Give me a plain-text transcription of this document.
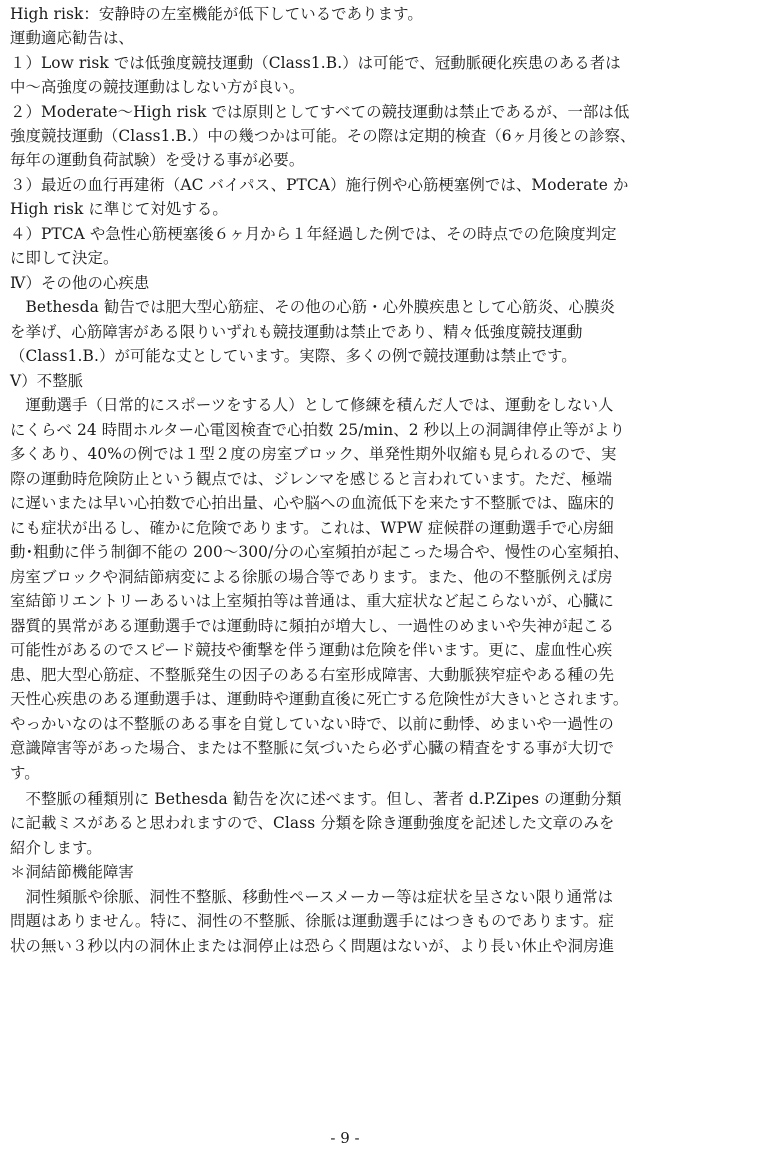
High risk：安静時の左室機能が低下しているであります。
運動適応勧告は、
１）Low risk では低強度競技運動（Class1.B.）は可能で、冠動脈硬化疾患のある者は
中～高強度の競技運動はしない方が良い。
２）Moderate～High risk では原則としてすべての競技運動は禁止であるが、一部は低
強度競技運動（Class1.B.）中の幾つかは可能。その際は定期的検査（6ヶ月後との診察、
毎年の運動負荷試験）を受ける事が必要。
３）最近の血行再建術（AC バイパス、PTCA）施行例や心筋梗塞例では、Moderate か
High risk に準じて対処する。
４）PTCA や急性心筋梗塞後６ヶ月から１年経過した例では、その時点での危険度判定
に即して決定。
Ⅳ）その他の心疾患
　Bethesda 勧告では肥大型心筋症、その他の心筋・心外膜疾患として心筋炎、心膜炎
を挙げ、心筋障害がある限りいずれも競技運動は禁止であり、精々低強度競技運動
（Class1.B.）が可能な丈としています。実際、多くの例で競技運動は禁止です。
Ⅴ）不整脈
　運動選手（日常的にスポーツをする人）として修練を積んだ人では、運動をしない人
にくらべ 24 時間ホルター心電図検査で心拍数 25/min、2 秒以上の洞調律停止等がより
多くあり、40%の例では１型２度の房室ブロック、単発性期外収縮も見られるので、実
際の運動時危険防止という観点では、ジレンマを感じると言われています。ただ、極端
に遅いまたは早い心拍数で心拍出量、心や脳への血流低下を来たす不整脈では、臨床的
にも症状が出るし、確かに危険であります。これは、WPW 症候群の運動選手で心房細
動･粗動に伴う制御不能の 200～300/分の心室頻拍が起こった場合や、慢性の心室頻拍、
房室ブロックや洞結節病変による徐脈の場合等であります。また、他の不整脈例えば房
室結節リエントリーあるいは上室頻拍等は普通は、重大症状など起こらないが、心臓に
器質的異常がある運動選手では運動時に頻拍が増大し、一過性のめまいや失神が起こる
可能性があるのでスピード競技や衝撃を伴う運動は危険を伴います。更に、虚血性心疾
患、肥大型心筋症、不整脈発生の因子のある右室形成障害、大動脈狭窄症やある種の先
天性心疾患のある運動選手は、運動時や運動直後に死亡する危険性が大きいとされます。
やっかいなのは不整脈のある事を自覚していない時で、以前に動悸、めまいや一過性の
意識障害等があった場合、または不整脈に気づいたら必ず心臓の精査をする事が大切で
す。
　不整脈の種類別に Bethesda 勧告を次に述べます。但し、著者 d.P.Zipes の運動分類
に記載ミスがあると思われますので、Class 分類を除き運動強度を記述した文章のみを
紹介します。
＊洞結節機能障害
　洞性頻脈や徐脈、洞性不整脈、移動性ペースメーカー等は症状を呈さない限り通常は
問題はありません。特に、洞性の不整脈、徐脈は運動選手にはつきものであります。症
状の無い３秒以内の洞休止または洞停止は恐らく問題はないが、より長い休止や洞房進
- 9 -
